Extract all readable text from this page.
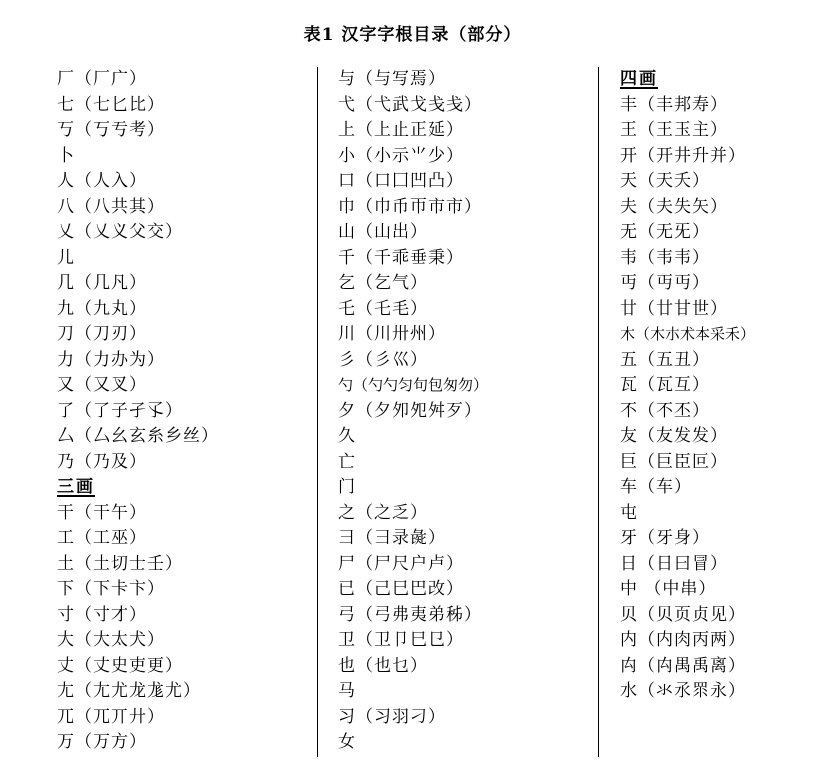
表1 汉字字根目录（部分）
厂（厂广）
七（七匕比）
丂（丂亐考）
卜
人（人入）
八（八共其）
乂（乂义父交）
儿
几（几凡）
九（九丸）
刀（刀刃）
力（力办为）
又（又叉）
了（了子孑孓）
厶（厶幺玄糸乡丝）
乃（乃及）
三画
干（干午）
工（工巫）
土（土切士壬）
下（下卡卞）
寸（寸才）
大（大太犬）
丈（丈史吏更）
尢（尢尤龙尨尤）
兀（兀丌廾）
万（万方）
与（与写焉）
弋（弋武戈戋戋）
上（上止正延）
小（小示⺌少）
口（口囗凹凸）
巾（巾币帀市市）
山（山出）
千（千乖垂秉）
乞（乞气）
乇（乇毛）
川（川卅州）
彡（彡巛）
勺（勺勺匀句包匆勿）
夕（夕夘夗舛歹）
久
亡
门
之（之乏）
彐（彐录彘）
尸（尸尺户卢）
已（己巳巴改）
弓（弓弗夷弟秭）
卫（卫卩巳㔾）
也（也乜）
马
习（习羽刁）
女
四画
丰（丰邦寿）
王（王玉主）
开（开井升并）
天（天夭）
夫（夫失矢）
无（无旡）
韦（韦韦）
丏（丏丏）
廿（廿甘世）
木（木朩术本采禾）
五（五丑）
瓦（瓦互）
不（不丕）
友（友发发）
巨（巨臣叵）
车（车）
屯
牙（牙身）
日（日曰冒）
中 （中串）
贝（贝页贞见）
内（内肉丙两）
禸（禸禺禹离）
水（氺氶眔永）
